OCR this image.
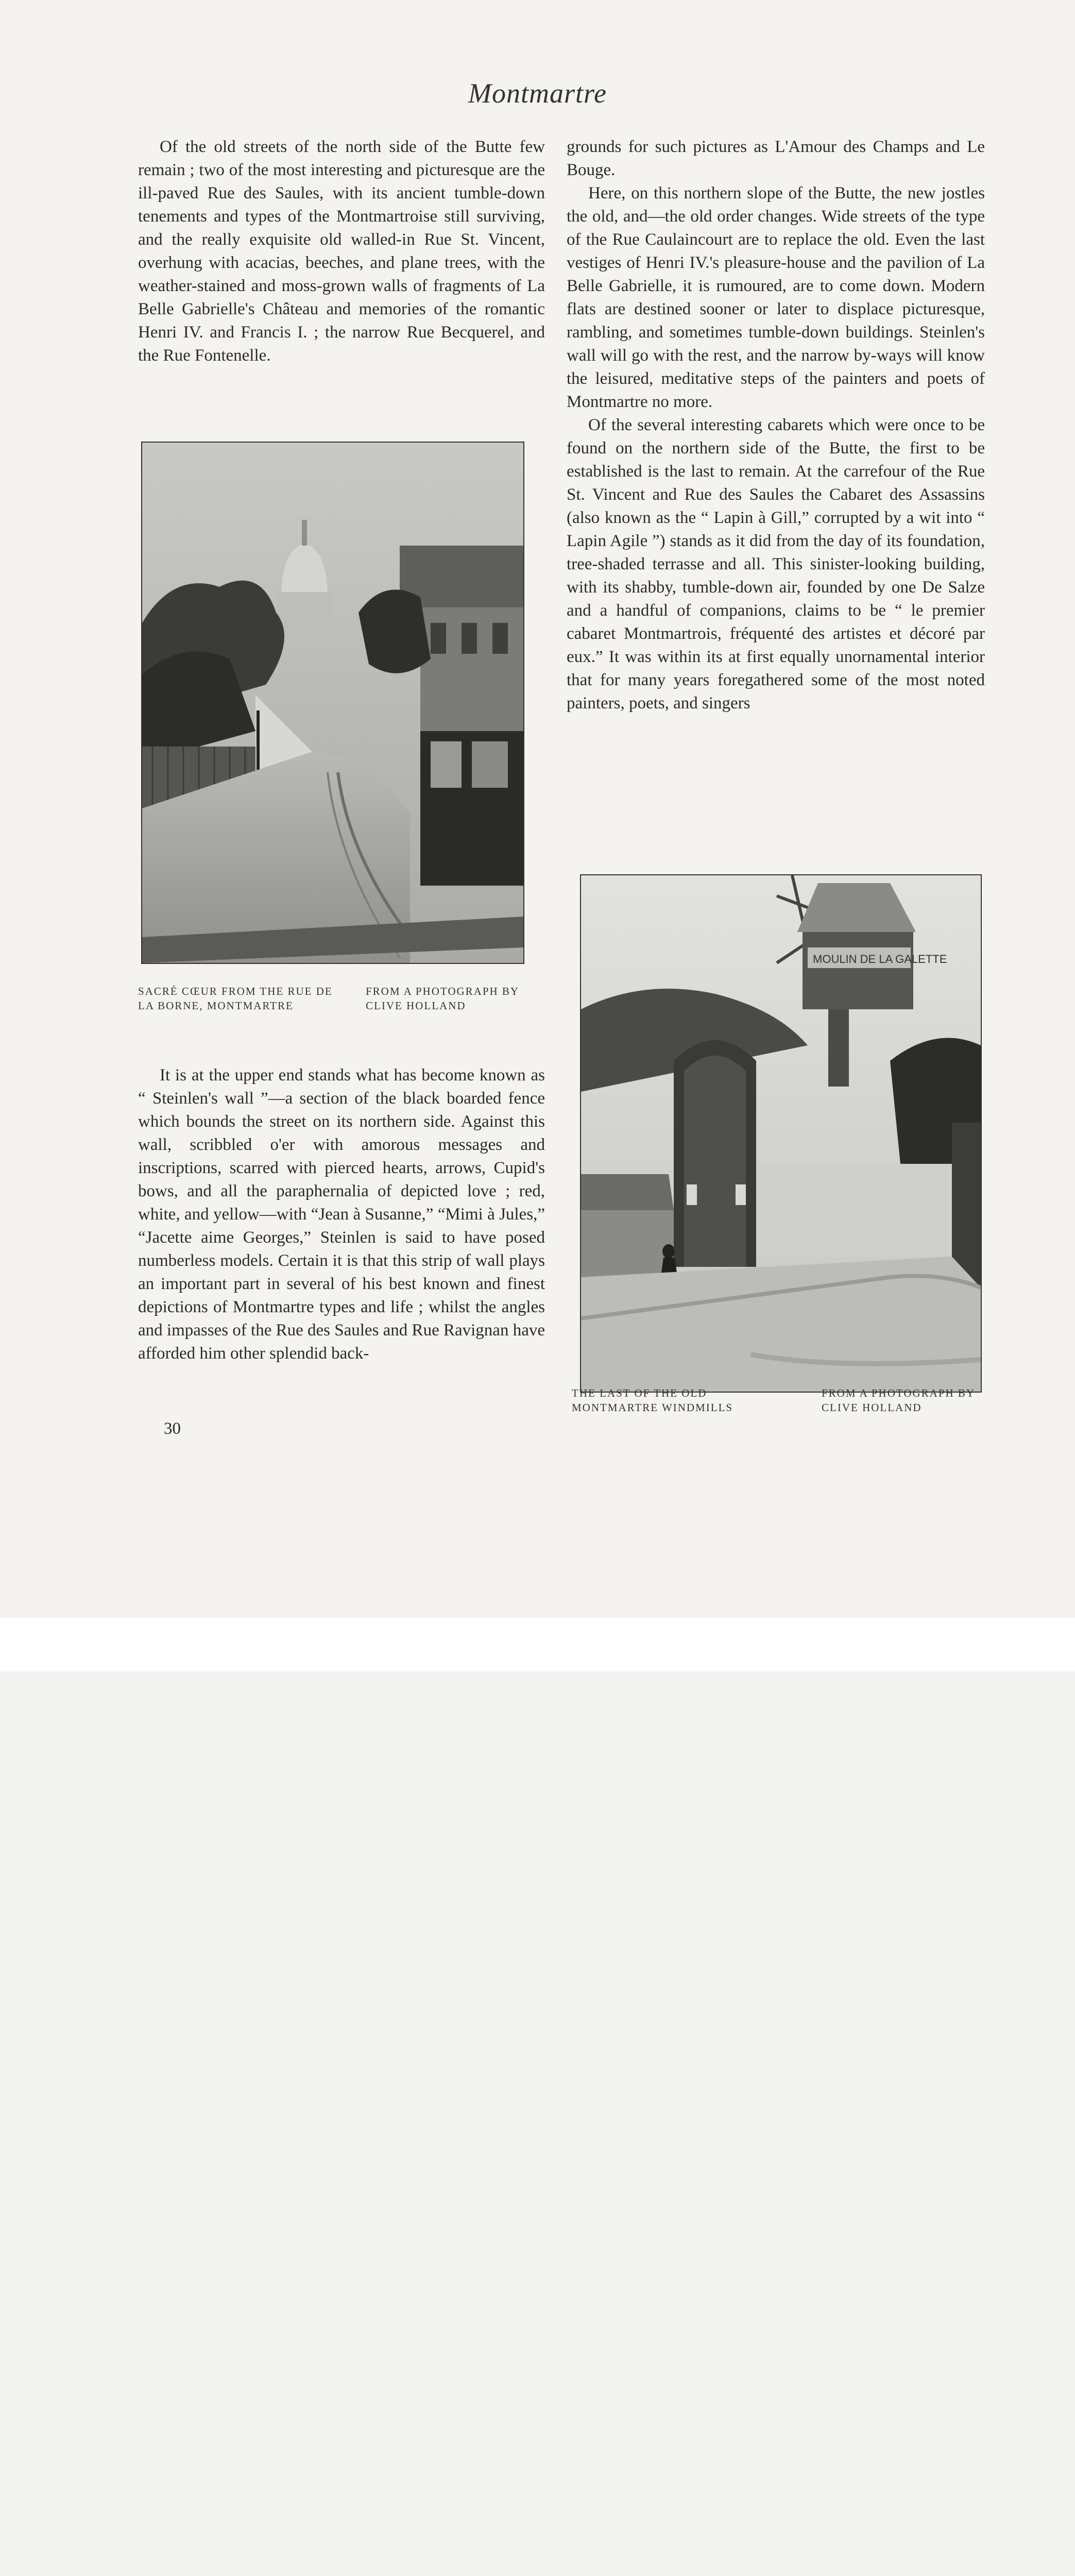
Montmartre

Of the old streets of the north side of the Butte few remain ; two of the most interesting and picturesque are the ill-paved Rue des Saules, with its ancient tumble-down tenements and types of the Montmartroise still surviving, and the really exquisite old walled-in Rue St. Vincent, overhung with acacias, beeches, and plane trees, with the weather-stained and moss-grown walls of fragments of La Belle Gabrielle's Château and memories of the romantic Henri IV. and Francis I. ; the narrow Rue Becquerel, and the Rue Fontenelle.

SACRÉ CŒUR FROM THE RUE DE LA BORNE, MONTMARTRE
FROM A PHOTOGRAPH BY CLIVE HOLLAND

It is at the upper end stands what has become known as “ Steinlen's wall ”—a section of the black boarded fence which bounds the street on its northern side. Against this wall, scribbled o'er with amorous messages and inscriptions, scarred with pierced hearts, arrows, Cupid's bows, and all the paraphernalia of depicted love ; red, white, and yellow—with “Jean à Susanne,” “Mimi à Jules,” “Jacette aime Georges,” Steinlen is said to have posed numberless models. Certain it is that this strip of wall plays an important part in several of his best known and finest depictions of Montmartre types and life ; whilst the angles and impasses of the Rue des Saules and Rue Ravignan have afforded him other splendid back-

grounds for such pictures as L'Amour des Champs and Le Bouge.

Here, on this northern slope of the Butte, the new jostles the old, and—the old order changes. Wide streets of the type of the Rue Caulaincourt are to replace the old. Even the last vestiges of Henri IV.'s pleasure-house and the pavilion of La Belle Gabrielle, it is rumoured, are to come down. Modern flats are destined sooner or later to displace picturesque, rambling, and sometimes tumble-down buildings. Steinlen's wall will go with the rest, and the narrow by-ways will know the leisured, meditative steps of the painters and poets of Montmartre no more.

Of the several interesting cabarets which were once to be found on the northern side of the Butte, the first to be established is the last to remain. At the carrefour of the Rue St. Vincent and Rue des Saules the Cabaret des Assassins (also known as the “ Lapin à Gill,” corrupted by a wit into “ Lapin Agile ”) stands as it did from the day of its foundation, tree-shaded terrasse and all. This sinister-looking building, with its shabby, tumble-down air, founded by one De Salze and a handful of companions, claims to be “ le premier cabaret Montmartrois, fréquenté des artistes et décoré par eux.” It was within its at first equally unornamental interior that for many years foregathered some of the most noted painters, poets, and singers

MOULIN DE LA GALETTE
THE LAST OF THE OLD MONTMARTRE WINDMILLS
FROM A PHOTOGRAPH BY CLIVE HOLLAND
30
